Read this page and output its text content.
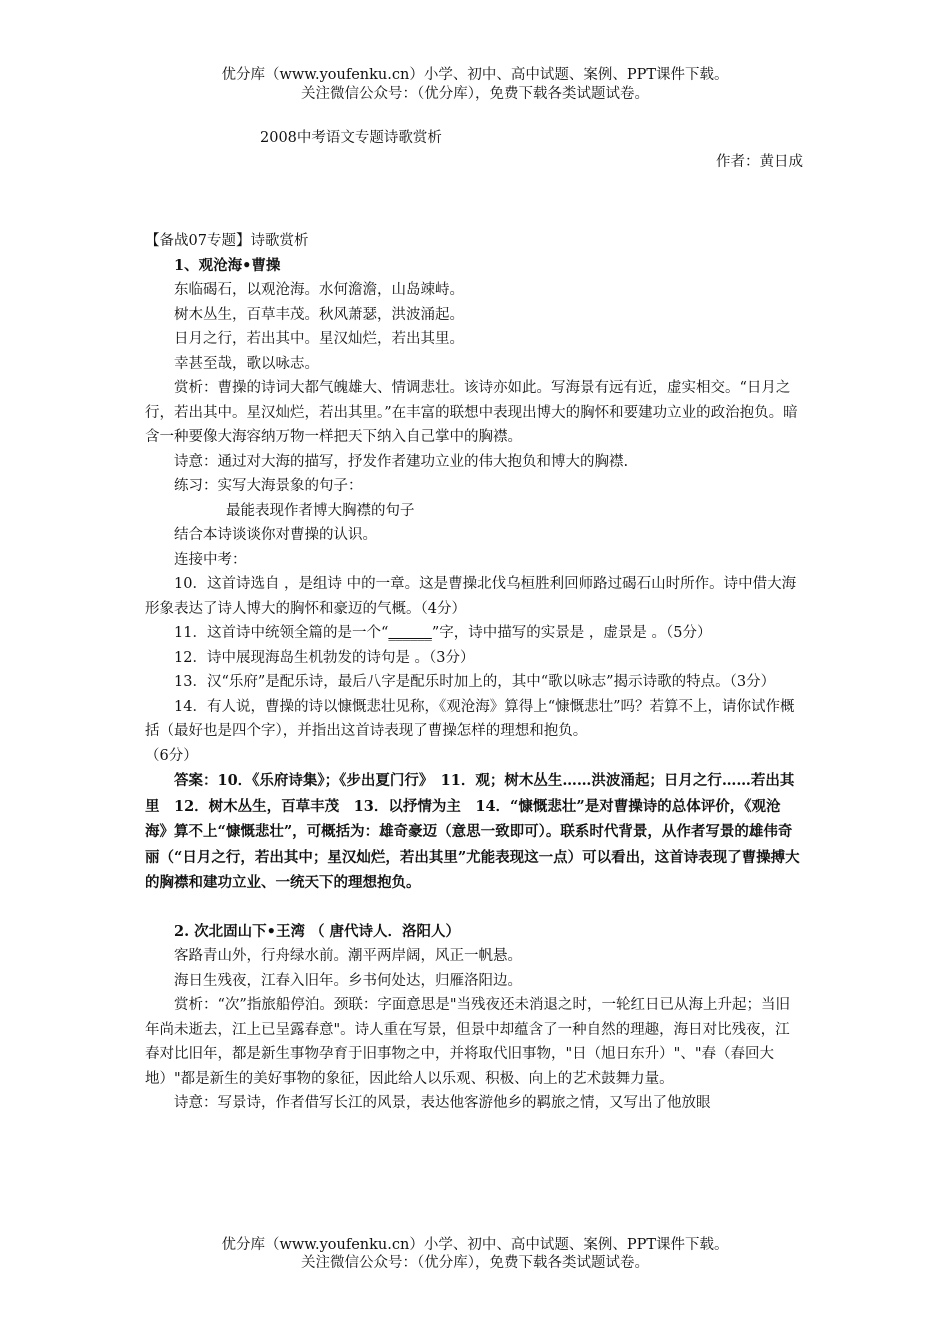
优分库（www.youfenku.cn）小学、初中、高中试题、案例、PPT课件下载。
关注微信公众号：（优分库），免费下载各类试题试卷。
2008中考语文专题诗歌赏析
作者：黄日成

【备战07专题】诗歌赏析

1、观沧海•曹操

东临碣石，以观沧海。水何澹澹，山岛竦峙。

树木丛生，百草丰茂。秋风萧瑟，洪波涌起。

日月之行，若出其中。星汉灿烂，若出其里。

幸甚至哉，歌以咏志。

赏析：曹操的诗词大都气魄雄大、情调悲壮。该诗亦如此。写海景有远有近，虚实相交。“日月之行，若出其中。星汉灿烂，若出其里。”在丰富的联想中表现出博大的胸怀和要建功立业的政治抱负。暗含一种要像大海容纳万物一样把天下纳入自己掌中的胸襟。

诗意：通过对大海的描写，抒发作者建功立业的伟大抱负和博大的胸襟.

练习：实写大海景象的句子：

最能表现作者博大胸襟的句子

结合本诗谈谈你对曹操的认识。

连接中考：

10．这首诗选自 ，是组诗 中的一章。这是曹操北伐乌桓胜利回师路过碣石山时所作。诗中借大海形象表达了诗人博大的胸怀和豪迈的气概。（4分）

11．这首诗中统领全篇的是一个“______”字，诗中描写的实景是 ，虚景是 。（5分）

12．诗中展现海岛生机勃发的诗句是 。（3分）

13．汉“乐府”是配乐诗，最后八字是配乐时加上的，其中“歌以咏志”揭示诗歌的特点。（3分）

14．有人说，曹操的诗以慷慨悲壮见称，《观沧海》算得上“慷慨悲壮”吗？若算不上，请你试作概括（最好也是四个字），并指出这首诗表现了曹操怎样的理想和抱负。

（6分）

答案：10．《乐府诗集》；《步出夏门行》　11．观；树木丛生……洪波涌起；日月之行……若出其里　12．树木丛生，百草丰茂　13．以抒情为主　14．“慷慨悲壮”是对曹操诗的总体评价，《观沧海》算不上“慷慨悲壮”，可概括为：雄奇豪迈（意思一致即可）。联系时代背景，从作者写景的雄伟奇丽（“日月之行，若出其中；星汉灿烂，若出其里”尤能表现这一点）可以看出，这首诗表现了曹操搏大的胸襟和建功立业、一统天下的理想抱负。

2. 次北固山下•王湾 （ 唐代诗人．洛阳人）

客路青山外，行舟绿水前。潮平两岸阔，风正一帆悬。

海日生残夜，江春入旧年。乡书何处达，归雁洛阳边。

赏析：“次”指旅船停泊。颈联：字面意思是"当残夜还未消退之时，一轮红日已从海上升起；当旧年尚未逝去，江上已呈露春意"。诗人重在写景，但景中却蕴含了一种自然的理趣，海日对比残夜，江春对比旧年，都是新生事物孕育于旧事物之中，并将取代旧事物，"日（旭日东升）"、"春（春回大地）"都是新生的美好事物的象征，因此给人以乐观、积极、向上的艺术鼓舞力量。

诗意：写景诗，作者借写长江的风景，表达他客游他乡的羁旅之情，又写出了他放眼

优分库（www.youfenku.cn）小学、初中、高中试题、案例、PPT课件下载。
关注微信公众号：（优分库），免费下载各类试题试卷。
